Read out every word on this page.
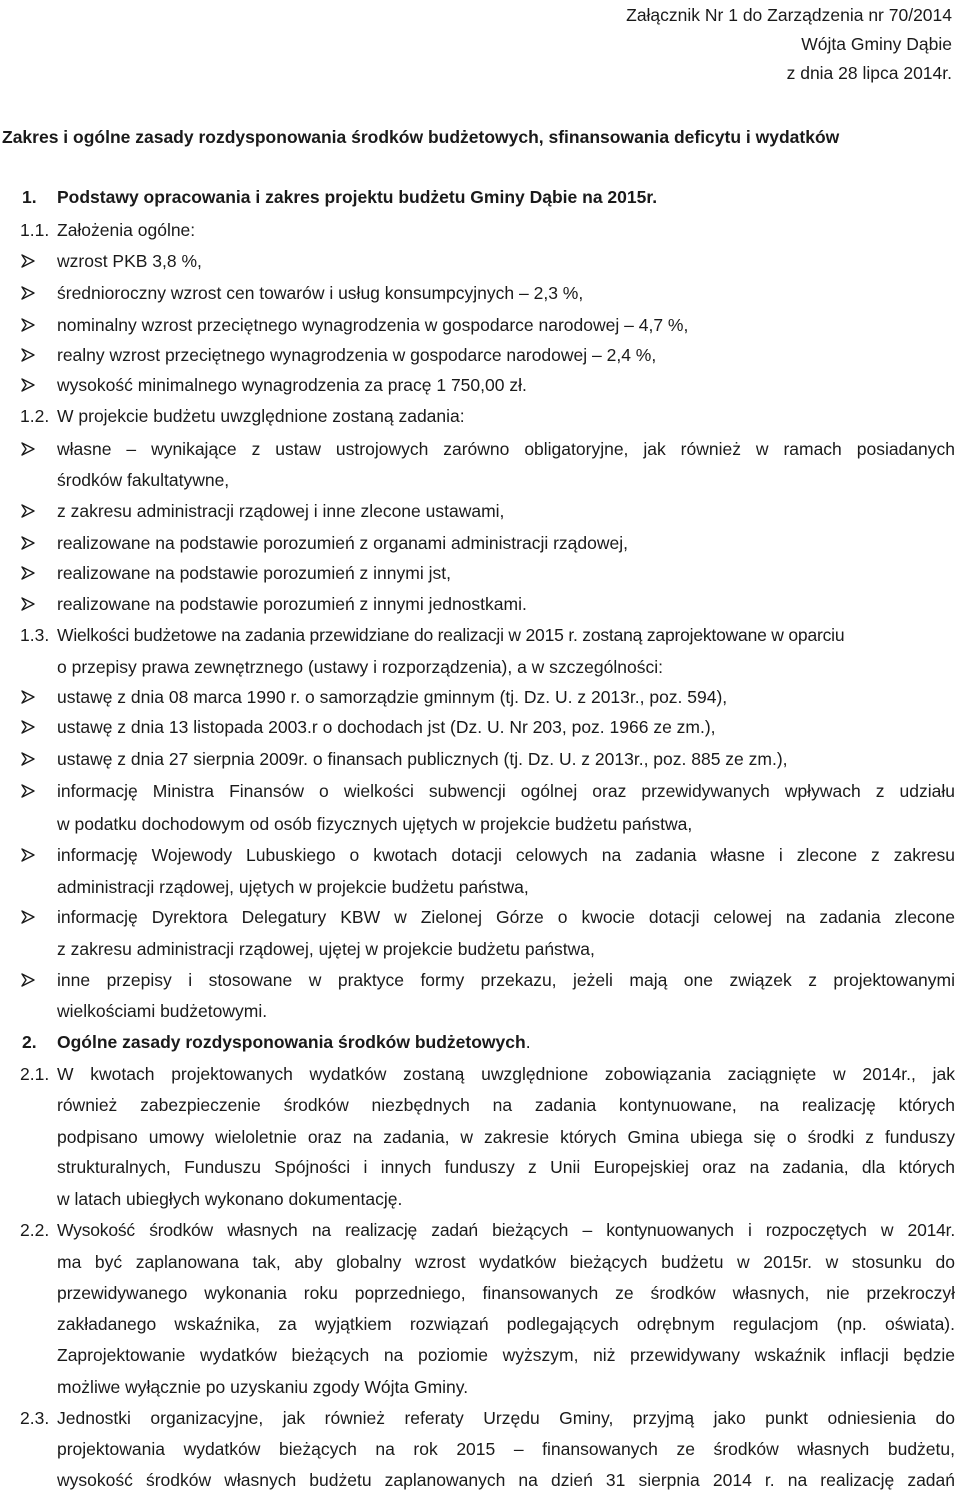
Załącznik Nr 1 do Zarządzenia nr 70/2014
Wójta Gminy Dąbie
z dnia 28 lipca 2014r.
Zakres i ogólne zasady rozdysponowania środków budżetowych, sfinansowania deficytu i wydatków
1. Podstawy opracowania i zakres projektu budżetu Gminy Dąbie na 2015r.
1.1. Założenia ogólne:
wzrost PKB 3,8 %,
średnioroczny wzrost cen towarów i usług konsumpcyjnych – 2,3 %,
nominalny wzrost przeciętnego wynagrodzenia w gospodarce narodowej – 4,7 %,
realny wzrost przeciętnego wynagrodzenia w gospodarce narodowej – 2,4 %,
wysokość minimalnego wynagrodzenia za pracę 1 750,00 zł.
1.2. W projekcie budżetu uwzględnione zostaną zadania:
własne – wynikające z ustaw ustrojowych zarówno obligatoryjne, jak również w ramach posiadanych
środków fakultatywne,
z zakresu administracji rządowej i inne zlecone ustawami,
realizowane na podstawie porozumień z organami administracji rządowej,
realizowane na podstawie porozumień z innymi jst,
realizowane na podstawie porozumień z innymi jednostkami.
1.3. Wielkości budżetowe na zadania przewidziane do realizacji w 2015 r. zostaną zaprojektowane w oparciu
o przepisy prawa zewnętrznego (ustawy i rozporządzenia), a w szczególności:
ustawę z dnia 08 marca 1990 r. o samorządzie gminnym (tj. Dz. U. z 2013r., poz. 594),
ustawę z dnia 13 listopada 2003.r o dochodach jst (Dz. U. Nr 203, poz. 1966 ze zm.),
ustawę z dnia 27 sierpnia 2009r. o finansach publicznych (tj. Dz. U. z 2013r., poz. 885 ze zm.),
informację Ministra Finansów o wielkości subwencji ogólnej oraz przewidywanych wpływach z udziału
w podatku dochodowym od osób fizycznych ujętych w projekcie budżetu państwa,
informację Wojewody Lubuskiego o kwotach dotacji celowych na zadania własne i zlecone z zakresu
administracji rządowej, ujętych w projekcie budżetu państwa,
informację Dyrektora Delegatury KBW w Zielonej Górze o kwocie dotacji celowej na zadania zlecone
z zakresu administracji rządowej, ujętej w projekcie budżetu państwa,
inne przepisy i stosowane w praktyce formy przekazu, jeżeli mają one związek z projektowanymi
wielkościami budżetowymi.
2. Ogólne zasady rozdysponowania środków budżetowych.
2.1. W kwotach projektowanych wydatków zostaną uwzględnione zobowiązania zaciągnięte w 2014r., jak
również zabezpieczenie środków niezbędnych na zadania kontynuowane, na realizację których
podpisano umowy wieloletnie oraz na zadania, w zakresie których Gmina ubiega się o środki z funduszy
strukturalnych, Funduszu Spójności i innych funduszy z Unii Europejskiej oraz na zadania, dla których
w latach ubiegłych wykonano dokumentację.
2.2. Wysokość środków własnych na realizację zadań bieżących – kontynuowanych i rozpoczętych w 2014r.
ma być zaplanowana tak, aby globalny wzrost wydatków bieżących budżetu w 2015r. w stosunku do
przewidywanego wykonania roku poprzedniego, finansowanych ze środków własnych, nie przekroczył
zakładanego wskaźnika, za wyjątkiem rozwiązań podlegających odrębnym regulacjom (np. oświata).
Zaprojektowanie wydatków bieżących na poziomie wyższym, niż przewidywany wskaźnik inflacji będzie
możliwe wyłącznie po uzyskaniu zgody Wójta Gminy.
2.3. Jednostki organizacyjne, jak również referaty Urzędu Gminy, przyjmą jako punkt odniesienia do
projektowania wydatków bieżących na rok 2015 – finansowanych ze środków własnych budżetu,
wysokość środków własnych budżetu zaplanowanych na dzień 31 sierpnia 2014 r. na realizację zadań
